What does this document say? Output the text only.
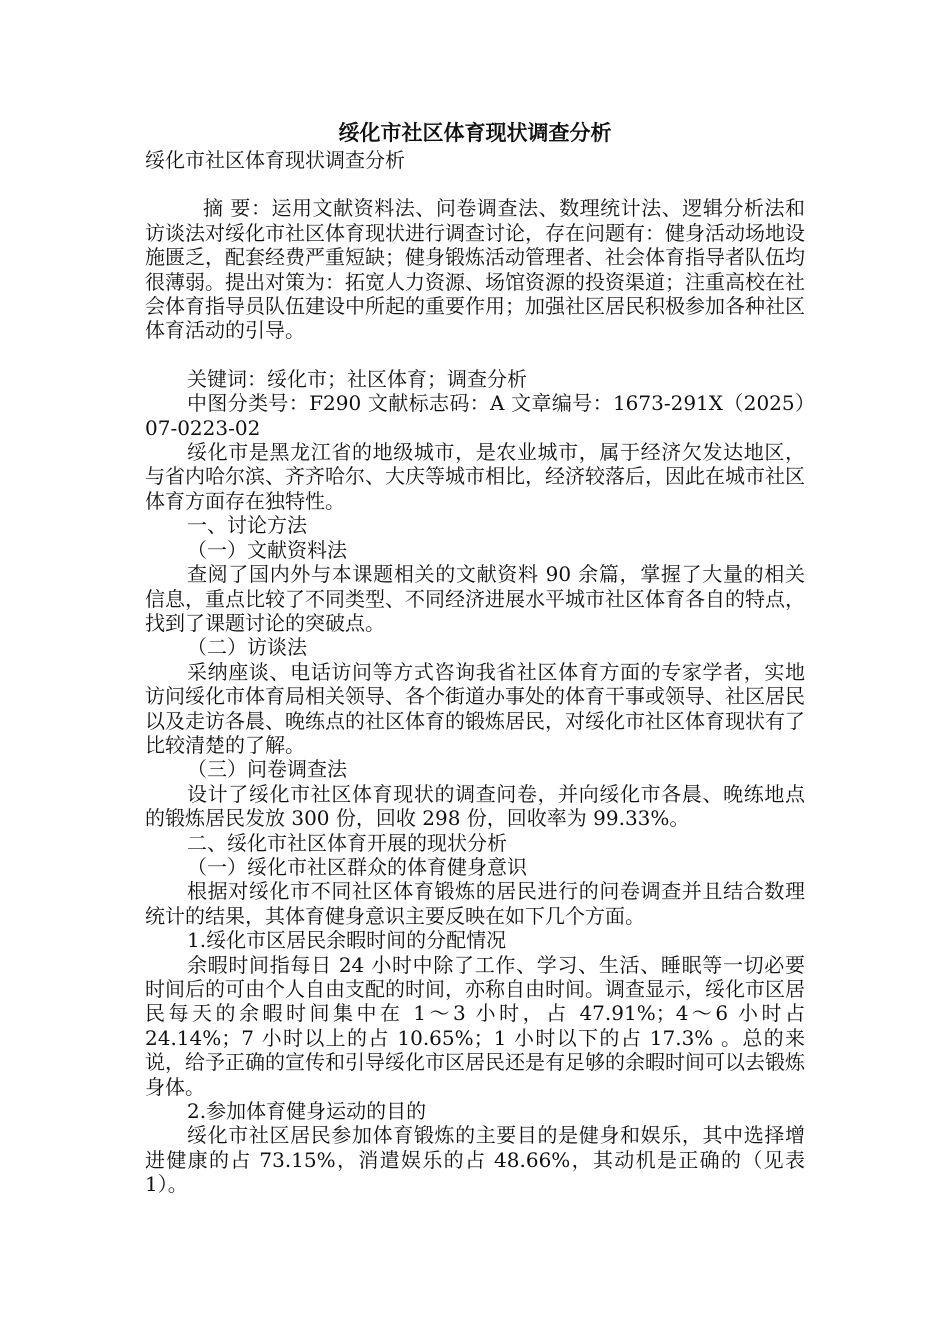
绥化市社区体育现状调查分析

绥化市社区体育现状调查分析

摘 要：运用文献资料法、问卷调查法、数理统计法、逻辑分析法和访谈法对绥化市社区体育现状进行调查讨论，存在问题有：健身活动场地设施匮乏，配套经费严重短缺；健身锻炼活动管理者、社会体育指导者队伍均很薄弱。提出对策为：拓宽人力资源、场馆资源的投资渠道；注重高校在社会体育指导员队伍建设中所起的重要作用；加强社区居民积极参加各种社区体育活动的引导。

关键词：绥化市；社区体育；调查分析

中图分类号：F290 文献标志码：A 文章编号：1673-291X（2025）07-0223-02

绥化市是黑龙江省的地级城市，是农业城市，属于经济欠发达地区，与省内哈尔滨、齐齐哈尔、大庆等城市相比，经济较落后，因此在城市社区体育方面存在独特性。

一、讨论方法

（一）文献资料法

查阅了国内外与本课题相关的文献资料 90 余篇，掌握了大量的相关信息，重点比较了不同类型、不同经济进展水平城市社区体育各自的特点，找到了课题讨论的突破点。

（二）访谈法

采纳座谈、电话访问等方式咨询我省社区体育方面的专家学者，实地访问绥化市体育局相关领导、各个街道办事处的体育干事或领导、社区居民以及走访各晨、晚练点的社区体育的锻炼居民，对绥化市社区体育现状有了比较清楚的了解。

（三）问卷调查法

设计了绥化市社区体育现状的调查问卷，并向绥化市各晨、晚练地点的锻炼居民发放 300 份，回收 298 份，回收率为 99.33%。

二、绥化市社区体育开展的现状分析

（一）绥化市社区群众的体育健身意识

根据对绥化市不同社区体育锻炼的居民进行的问卷调查并且结合数理统计的结果，其体育健身意识主要反映在如下几个方面。

1.绥化市区居民余暇时间的分配情况

余暇时间指每日 24 小时中除了工作、学习、生活、睡眠等一切必要时间后的可由个人自由支配的时间，亦称自由时间。调查显示，绥化市区居民每天的余暇时间集中在 1～3 小时，占 47.91%；4～6 小时占 24.14%；7 小时以上的占 10.65%；1 小时以下的占 17.3% 。总的来说，给予正确的宣传和引导绥化市区居民还是有足够的余暇时间可以去锻炼身体。

2.参加体育健身运动的目的

绥化市社区居民参加体育锻炼的主要目的是健身和娱乐，其中选择增进健康的占 73.15%，消遣娱乐的占 48.66%，其动机是正确的（见表 1）。
